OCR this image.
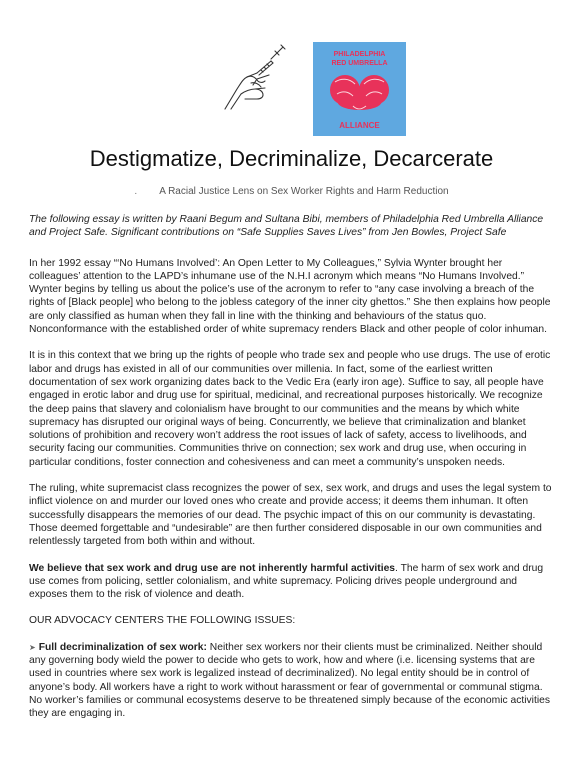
PHILADELPHIA
RED UMBRELLA
ALLIANCE
Destigmatize, Decriminalize, Decarcerate
. A Racial Justice Lens on Sex Worker Rights and Harm Reduction

The following essay is written by Raani Begum and Sultana Bibi, members of Philadelphia Red Umbrella Alliance and Project Safe. Significant contributions on “Safe Supplies Saves Lives” from Jen Bowles, Project Safe

In her 1992 essay “‘No Humans Involved’: An Open Letter to My Colleagues,” Sylvia Wynter brought her colleagues’ attention to the LAPD’s inhumane use of the N.H.I acronym which means “No Humans Involved.” Wynter begins by telling us about the police’s use of the acronym to refer to “any case involving a breach of the rights of [Black people] who belong to the jobless category of the inner city ghettos.” She then explains how people are only classified as human when they fall in line with the thinking and behaviours of the status quo. Nonconformance with the established order of white supremacy renders Black and other people of color inhuman.

It is in this context that we bring up the rights of people who trade sex and people who use drugs. The use of erotic labor and drugs has existed in all of our communities over millenia. In fact, some of the earliest written documentation of sex work organizing dates back to the Vedic Era (early iron age). Suffice to say, all people have engaged in erotic labor and drug use for spiritual, medicinal, and recreational purposes historically. We recognize the deep pains that slavery and colonialism have brought to our communities and the means by which white supremacy has disrupted our original ways of being. Concurrently, we believe that criminalization and blanket solutions of prohibition and recovery won’t address the root issues of lack of safety, access to livelihoods, and security facing our communities. Communities thrive on connection; sex work and drug use, when occuring in particular conditions, foster connection and cohesiveness and can meet a community’s unspoken needs.

The ruling, white supremacist class recognizes the power of sex, sex work, and drugs and uses the legal system to inflict violence on and murder our loved ones who create and provide access; it deems them inhuman. It often successfully disappears the memories of our dead. The psychic impact of this on our community is devastating. Those deemed forgettable and “undesirable” are then further considered disposable in our own communities and relentlessly targeted from both within and without.

We believe that sex work and drug use are not inherently harmful activities. The harm of sex work and drug use comes from policing, settler colonialism, and white supremacy. Policing drives people underground and exposes them to the risk of violence and death.

OUR ADVOCACY CENTERS THE FOLLOWING ISSUES:

➤ Full decriminalization of sex work: Neither sex workers nor their clients must be criminalized. Neither should any governing body wield the power to decide who gets to work, how and where (i.e. licensing systems that are used in countries where sex work is legalized instead of decriminalized). No legal entity should be in control of anyone’s body. All workers have a right to work without harassment or fear of governmental or communal stigma. No worker’s families or communal ecosystems deserve to be threatened simply because of the economic activities they are engaging in.
